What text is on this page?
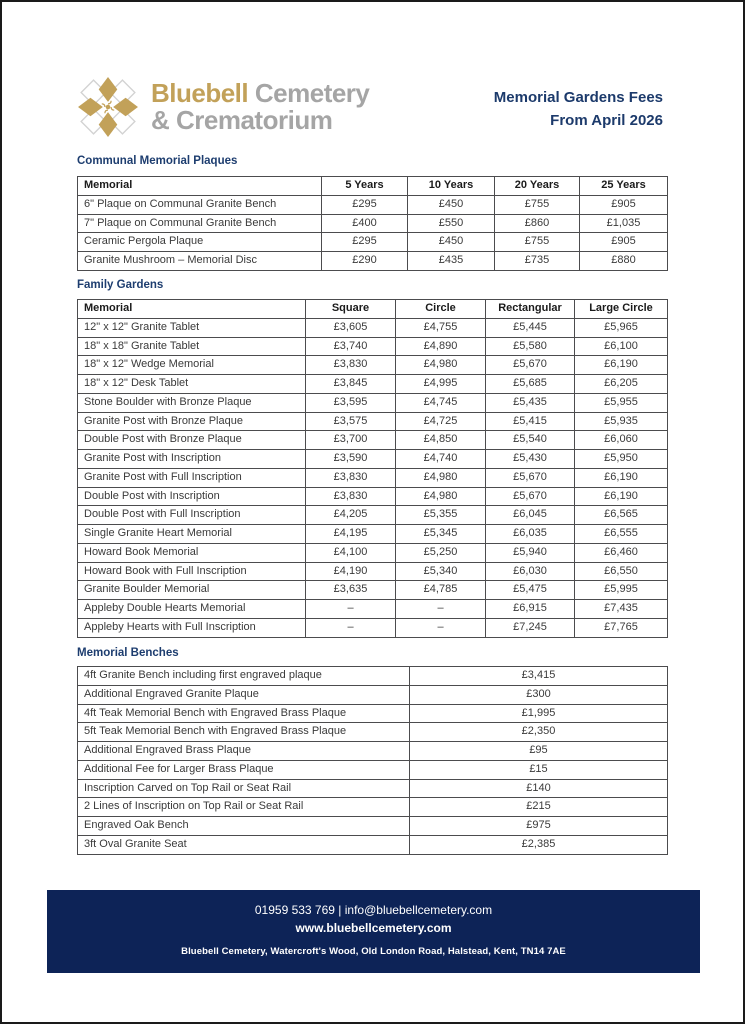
Bluebell Cemetery
& Crematorium
Memorial Gardens Fees
From April 2026
Communal Memorial Plaques
Memorial	5 Years	10 Years	20 Years	25 Years
6" Plaque on Communal Granite Bench	£295	£450	£755	£905
7" Plaque on Communal Granite Bench	£400	£550	£860	£1,035
Ceramic Pergola Plaque	£295	£450	£755	£905
Granite Mushroom – Memorial Disc	£290	£435	£735	£880
Family Gardens
Memorial	Square	Circle	Rectangular	Large Circle
12" x 12" Granite Tablet	£3,605	£4,755	£5,445	£5,965
18" x 18" Granite Tablet	£3,740	£4,890	£5,580	£6,100
18" x 12" Wedge Memorial	£3,830	£4,980	£5,670	£6,190
18" x 12" Desk Tablet	£3,845	£4,995	£5,685	£6,205
Stone Boulder with Bronze Plaque	£3,595	£4,745	£5,435	£5,955
Granite Post with Bronze Plaque	£3,575	£4,725	£5,415	£5,935
Double Post with Bronze Plaque	£3,700	£4,850	£5,540	£6,060
Granite Post with Inscription	£3,590	£4,740	£5,430	£5,950
Granite Post with Full Inscription	£3,830	£4,980	£5,670	£6,190
Double Post with Inscription	£3,830	£4,980	£5,670	£6,190
Double Post with Full Inscription	£4,205	£5,355	£6,045	£6,565
Single Granite Heart Memorial	£4,195	£5,345	£6,035	£6,555
Howard Book Memorial	£4,100	£5,250	£5,940	£6,460
Howard Book with Full Inscription	£4,190	£5,340	£6,030	£6,550
Granite Boulder Memorial	£3,635	£4,785	£5,475	£5,995
Appleby Double Hearts Memorial	–	–	£6,915	£7,435
Appleby Hearts with Full Inscription	–	–	£7,245	£7,765
Memorial Benches
4ft Granite Bench including first engraved plaque	£3,415
Additional Engraved Granite Plaque	£300
4ft Teak Memorial Bench with Engraved Brass Plaque	£1,995
5ft Teak Memorial Bench with Engraved Brass Plaque	£2,350
Additional Engraved Brass Plaque	£95
Additional Fee for Larger Brass Plaque	£15
Inscription Carved on Top Rail or Seat Rail	£140
2 Lines of Inscription on Top Rail or Seat Rail	£215
Engraved Oak Bench	£975
3ft Oval Granite Seat	£2,385
01959 533 769 | info@bluebellcemetery.com
www.bluebellcemetery.com
Bluebell Cemetery, Watercroft's Wood, Old London Road, Halstead, Kent, TN14 7AE
